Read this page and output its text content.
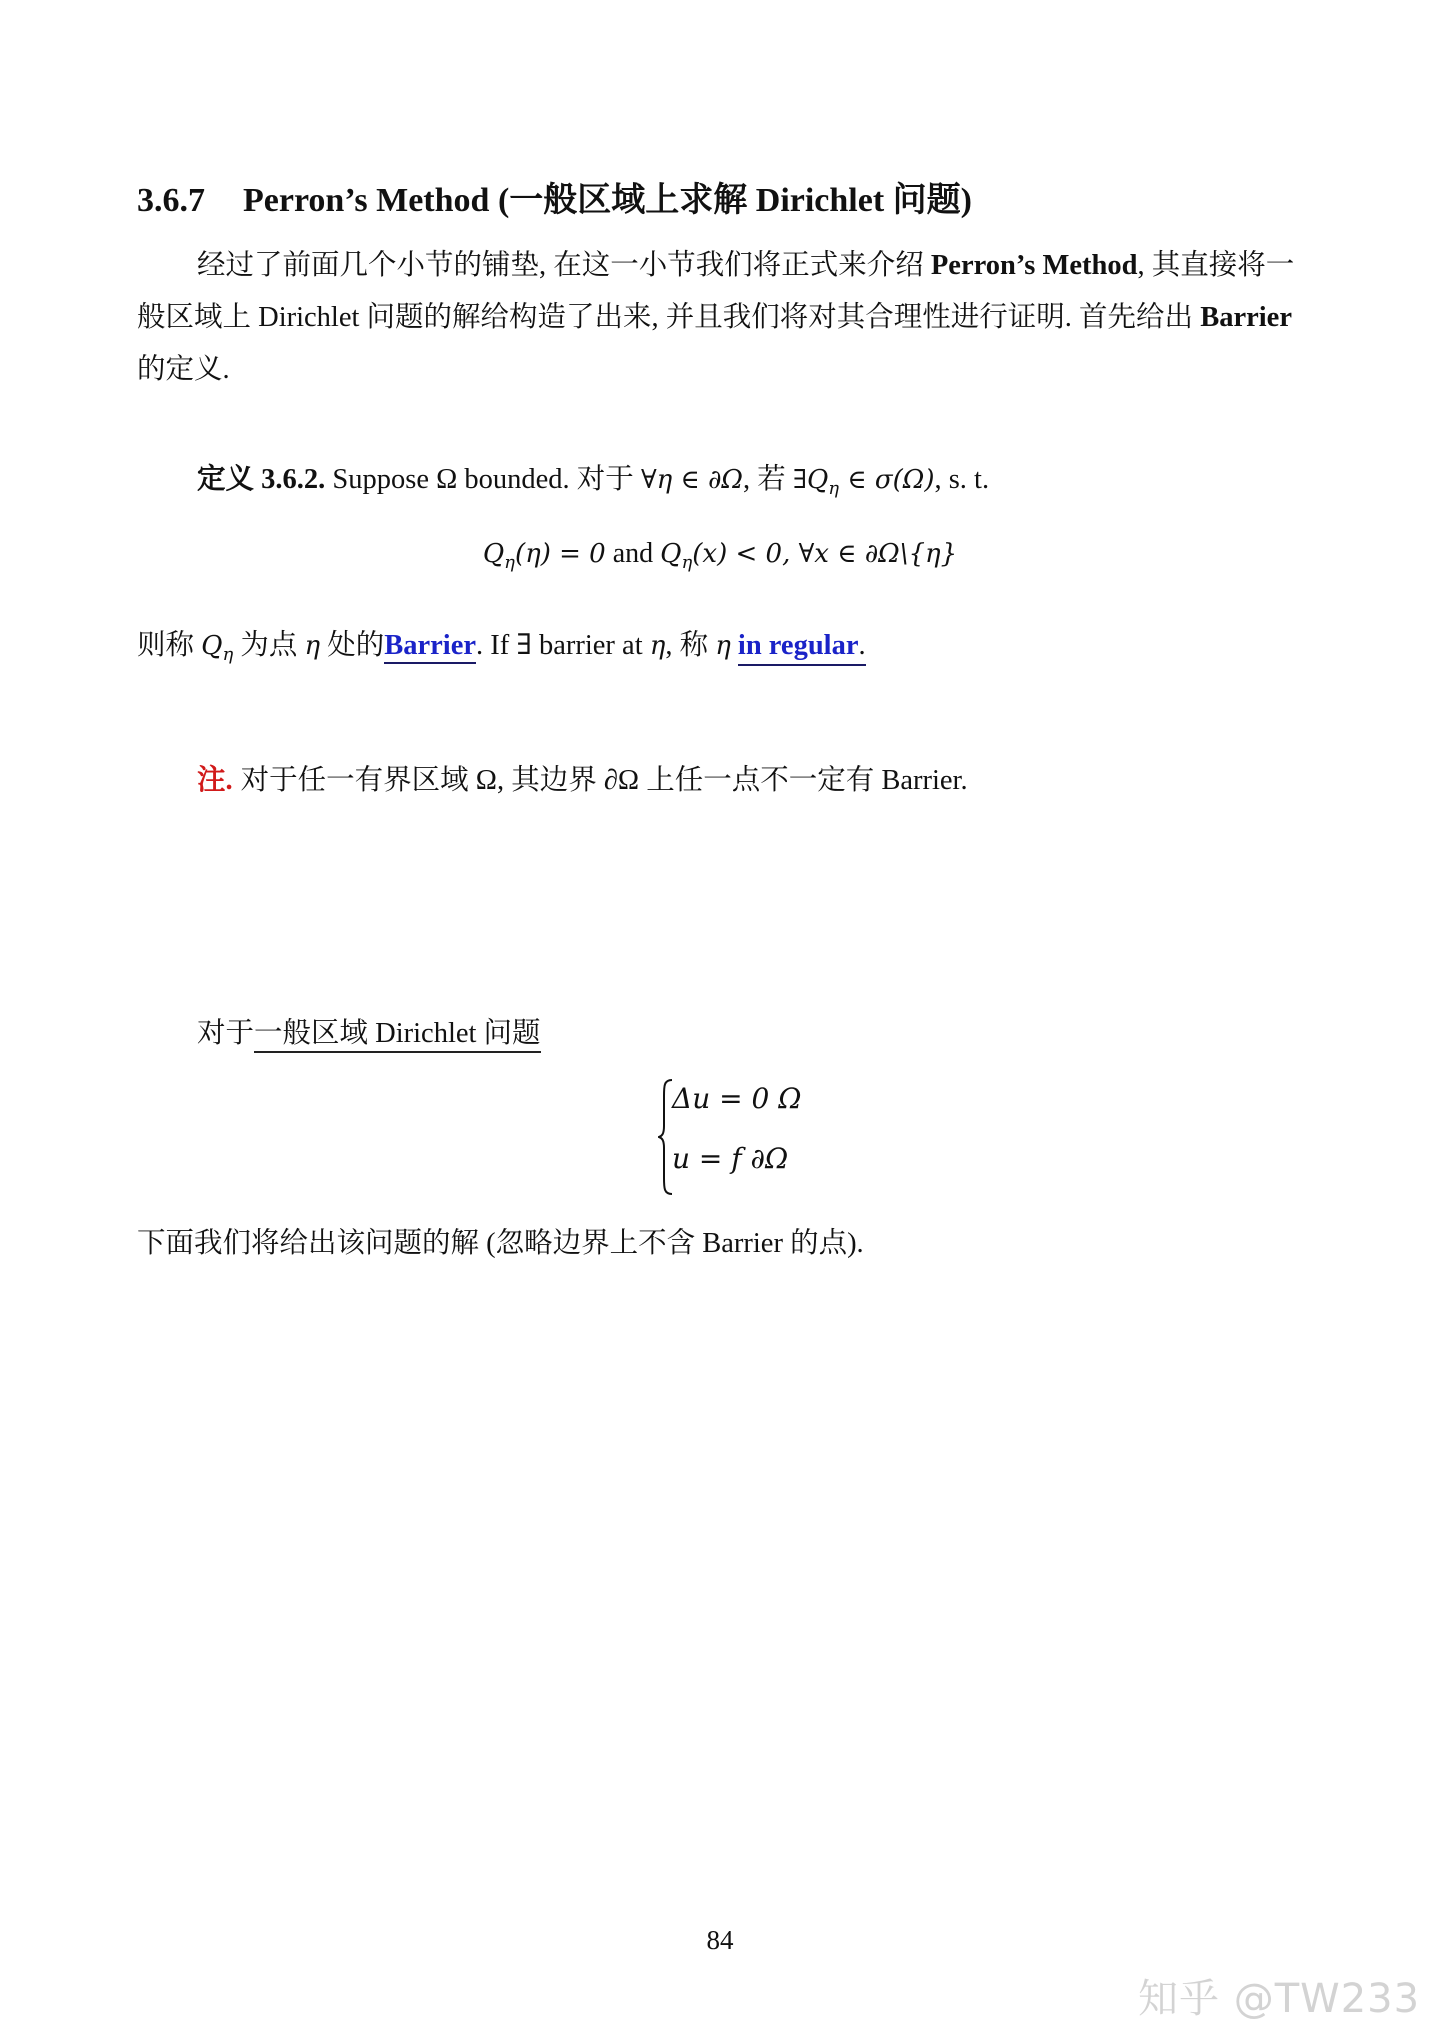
3.6.7 Perron’s Method (一般区域上求解 Dirichlet 问题)
经过了前面几个小节的铺垫, 在这一小节我们将正式来介绍 Perron’s Method, 其直接将一般区域上 Dirichlet 问题的解给构造了出来, 并且我们将对其合理性进行证明. 首先给出 Barrier 的定义.
定义 3.6.2. Suppose Ω bounded. 对于 ∀η ∈ ∂Ω, 若 $\exists Q_\eta$ ∈ σ(Ω), s. t.
$Q_\eta(\eta) = 0$ and $Q_\eta(x) < 0$, ∀x ∈ ∂Ω\{η}
则称 $Q_\eta$ 为点 η 处的Barrier. If ∃ barrier at η, 称 η in regular.
注. 对于任一有界区域 Ω, 其边界 ∂Ω 上任一点不一定有 Barrier.
对于一般区域 Dirichlet 问题
Δu = 0 Ω
u = f ∂Ω
下面我们将给出该问题的解 (忽略边界上不含 Barrier 的点).
84
知乎 @TW233
